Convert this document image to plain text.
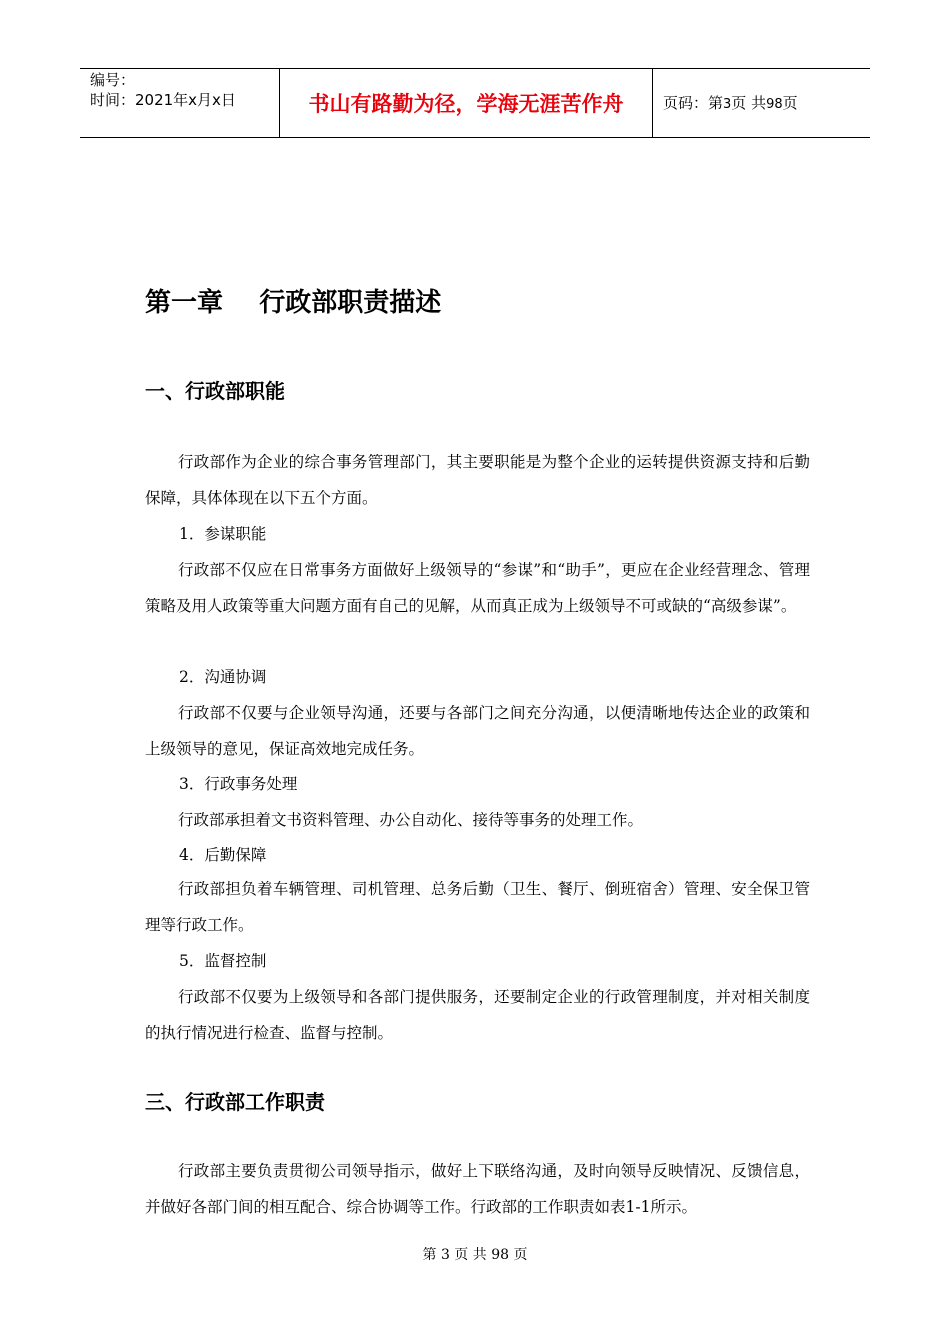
编号：
时间：2021年x月x日	书山有路勤为径，学海无涯苦作舟	页码：第3页 共98页
第一章    行政部职责描述
一、行政部职能
行政部作为企业的综合事务管理部门，其主要职能是为整个企业的运转提供资源支持和后勤保障，具体体现在以下五个方面。
1．参谋职能
行政部不仅应在日常事务方面做好上级领导的“参谋”和“助手”，更应在企业经营理念、管理策略及用人政策等重大问题方面有自己的见解，从而真正成为上级领导不可或缺的“高级参谋”。
2．沟通协调
行政部不仅要与企业领导沟通，还要与各部门之间充分沟通，以便清晰地传达企业的政策和上级领导的意见，保证高效地完成任务。
3．行政事务处理
行政部承担着文书资料管理、办公自动化、接待等事务的处理工作。
4．后勤保障
行政部担负着车辆管理、司机管理、总务后勤（卫生、餐厅、倒班宿舍）管理、安全保卫管理等行政工作。
5．监督控制
行政部不仅要为上级领导和各部门提供服务，还要制定企业的行政管理制度，并对相关制度的执行情况进行检查、监督与控制。
三、行政部工作职责
行政部主要负责贯彻公司领导指示，做好上下联络沟通，及时向领导反映情况、反馈信息，并做好各部门间的相互配合、综合协调等工作。行政部的工作职责如表1-1所示。
第 3 页 共 98 页
